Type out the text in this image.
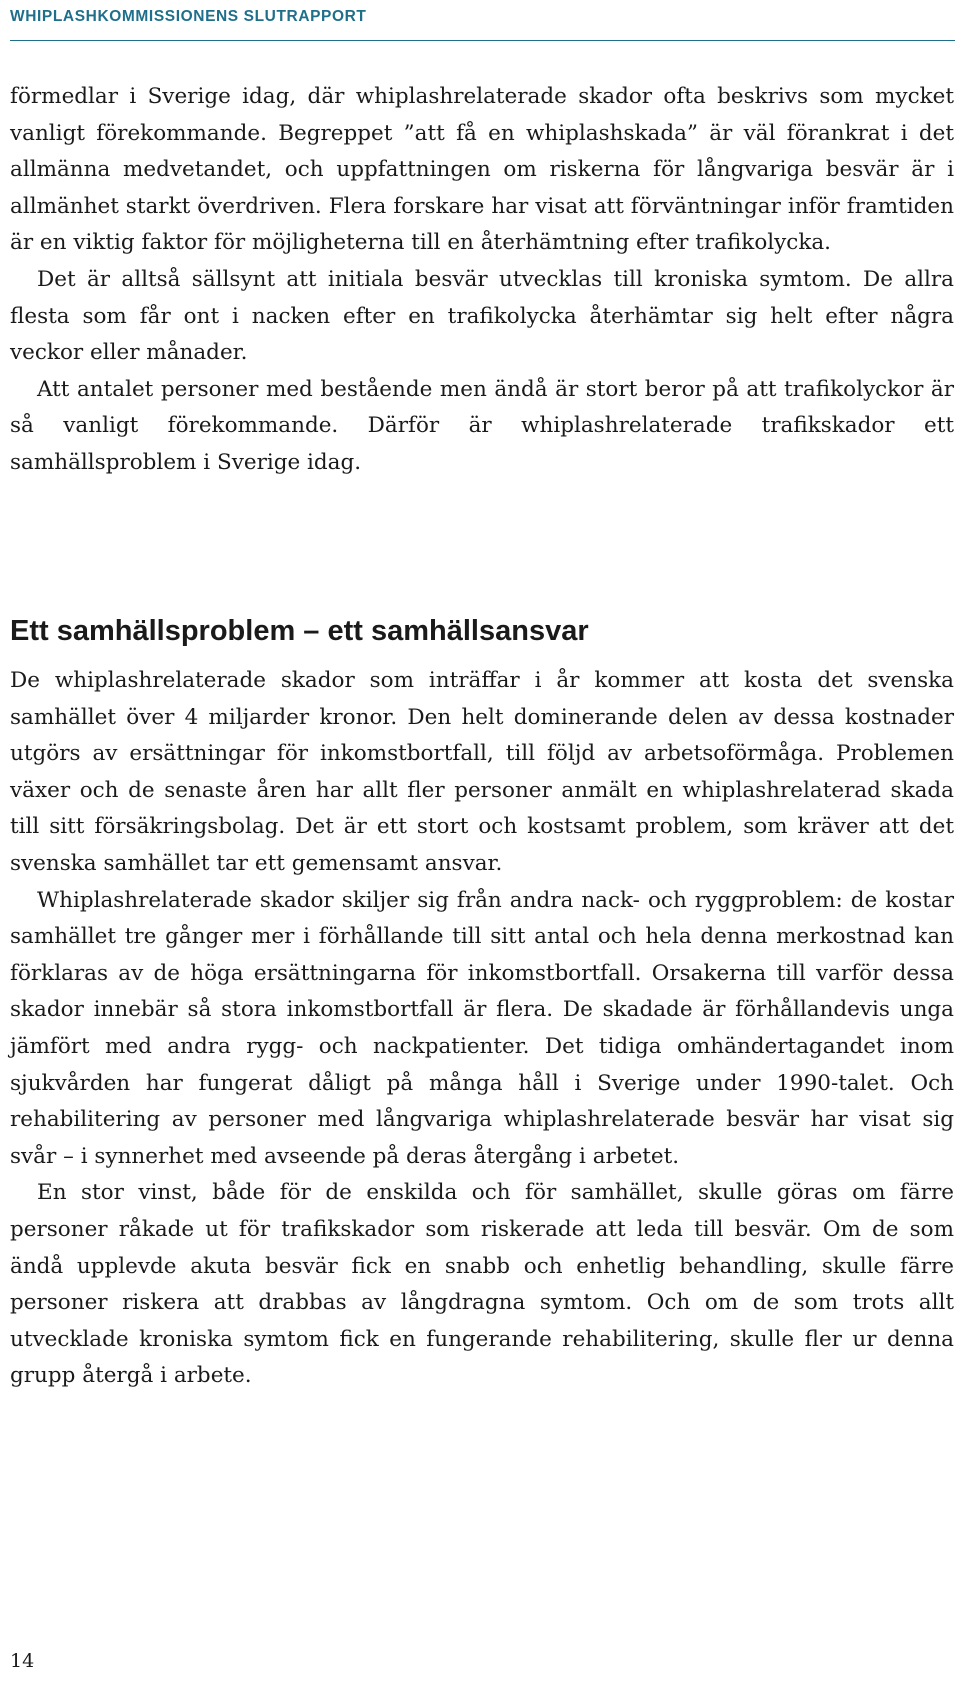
WHIPLASHKOMMISSIONENS SLUTRAPPORT

förmedlar i Sverige idag, där whiplashrelaterade skador ofta beskrivs som mycket vanligt förekommande. Begreppet ”att få en whiplashskada” är väl förankrat i det allmänna medvetandet, och uppfattningen om riskerna för långvariga besvär är i allmänhet starkt överdriven. Flera forskare har visat att förväntningar inför framtiden är en viktig faktor för möjligheterna till en återhämtning efter trafikolycka.

Det är alltså sällsynt att initiala besvär utvecklas till kroniska symtom. De allra flesta som får ont i nacken efter en trafikolycka återhämtar sig helt efter några veckor eller månader.

Att antalet personer med bestående men ändå är stort beror på att trafikolyckor är så vanligt förekommande. Därför är whiplashrelaterade trafikskador ett samhällsproblem i Sverige idag.

Ett samhällsproblem – ett samhällsansvar

De whiplashrelaterade skador som inträffar i år kommer att kosta det svenska samhället över 4 miljarder kronor. Den helt dominerande delen av dessa kostnader utgörs av ersättningar för inkomstbortfall, till följd av arbetsoförmåga. Problemen växer och de senaste åren har allt fler personer anmält en whiplashrelaterad skada till sitt försäkringsbolag. Det är ett stort och kostsamt problem, som kräver att det svenska samhället tar ett gemensamt ansvar.

Whiplashrelaterade skador skiljer sig från andra nack- och ryggproblem: de kostar samhället tre gånger mer i förhållande till sitt antal och hela denna merkostnad kan förklaras av de höga ersättningarna för inkomstbortfall. Orsakerna till varför dessa skador innebär så stora inkomstbortfall är flera. De skadade är förhållandevis unga jämfört med andra rygg- och nackpatienter. Det tidiga omhändertagandet inom sjukvården har fungerat dåligt på många håll i Sverige under 1990-talet. Och rehabilitering av personer med långvariga whiplashrelaterade besvär har visat sig svår – i synnerhet med avseende på deras återgång i arbetet.

En stor vinst, både för de enskilda och för samhället, skulle göras om färre personer råkade ut för trafikskador som riskerade att leda till besvär. Om de som ändå upplevde akuta besvär fick en snabb och enhetlig behandling, skulle färre personer riskera att drabbas av långdragna symtom. Och om de som trots allt utvecklade kroniska symtom fick en fungerande rehabilitering, skulle fler ur denna grupp återgå i arbete.

14
